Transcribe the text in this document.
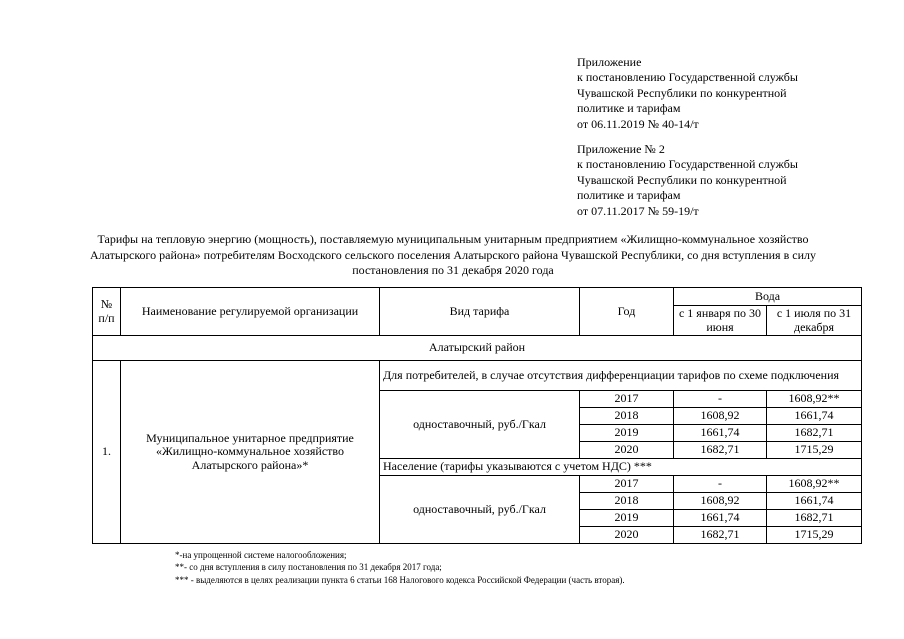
Приложение
к постановлению Государственной службы
Чувашской Республики по конкурентной
политике и тарифам
от 06.11.2019 № 40-14/т
Приложение № 2
к постановлению Государственной службы
Чувашской Республики по конкурентной
политике и тарифам
от 07.11.2017 № 59-19/т
Тарифы на тепловую энергию (мощность), поставляемую муниципальным унитарным предприятием «Жилищно-коммунальное хозяйство Алатырского района» потребителям Восходского сельского поселения Алатырского района Чувашской Республики, со дня вступления в силу постановления по 31 декабря 2020 года
№ п/п	Наименование регулируемой организации	Вид тарифа	Год	Вода	
				с 1 января по 30 июня	с 1 июля по 31 декабря
Алатырский район					
1.	Муниципальное унитарное предприятие «Жилищно-коммунальное хозяйство Алатырского района»*	Для потребителей, в случае отсутствия дифференциации тарифов по схеме подключения			
		одноставочный, руб./Гкал	2017	-	1608,92**
			2018	1608,92	1661,74
			2019	1661,74	1682,71
			2020	1682,71	1715,29
		Население (тарифы указываются с учетом НДС) ***			
		одноставочный, руб./Гкал	2017	-	1608,92**
			2018	1608,92	1661,74
			2019	1661,74	1682,71
			2020	1682,71	1715,29
*-на упрощенной системе налогообложения;
**- со дня вступления в силу постановления по 31 декабря 2017 года;
*** - выделяются в целях реализации пункта 6 статьи 168 Налогового кодекса Российской Федерации (часть вторая).
